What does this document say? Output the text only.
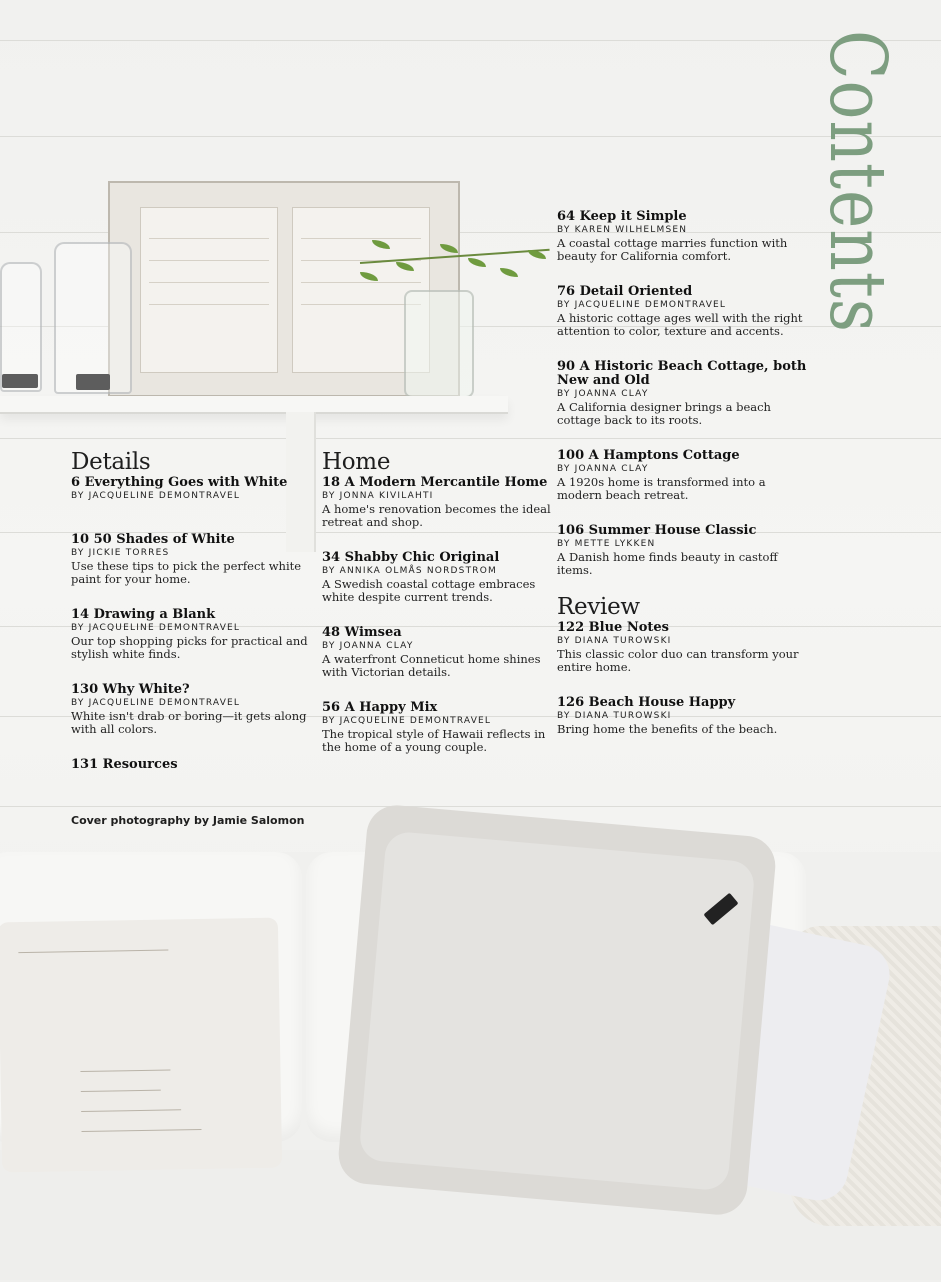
Contents
Details
6 Everything Goes with White
BY JACQUELINE DEMONTRAVEL
10 50 Shades of White
BY JICKIE TORRES
Use these tips to pick the perfect white paint for your home.
14 Drawing a Blank
BY JACQUELINE DEMONTRAVEL
Our top shopping picks for practical and stylish white finds.
130 Why White?
BY JACQUELINE DEMONTRAVEL
White isn't drab or boring—it gets along with all colors.
131 Resources
Home
18 A Modern Mercantile Home
BY JONNA KIVILAHTI
A home's renovation becomes the ideal retreat and shop.
34 Shabby Chic Original
BY ANNIKA OLMÅS NORDSTROM
A Swedish coastal cottage embraces white despite current trends.
48 Wimsea
BY JOANNA CLAY
A waterfront Conneticut home shines with Victorian details.
56 A Happy Mix
BY JACQUELINE DEMONTRAVEL
The tropical style of Hawaii reflects in the home of a young couple.
64 Keep it Simple
BY KAREN WILHELMSEN
A coastal cottage marries function with beauty for California comfort.
76 Detail Oriented
BY JACQUELINE DEMONTRAVEL
A historic cottage ages well with the right attention to color, texture and accents.
90 A Historic Beach Cottage, both New and Old
BY JOANNA CLAY
A California designer brings a beach cottage back to its roots.
100 A Hamptons Cottage
BY JOANNA CLAY
A 1920s home is transformed into a modern beach retreat.
106 Summer House Classic
BY METTE LYKKEN
A Danish home finds beauty in castoff items.
Review
122 Blue Notes
BY DIANA TUROWSKI
This classic color duo can transform your entire home.
126 Beach House Happy
BY DIANA TUROWSKI
Bring home the benefits of the beach.
Cover photography by Jamie Salomon
